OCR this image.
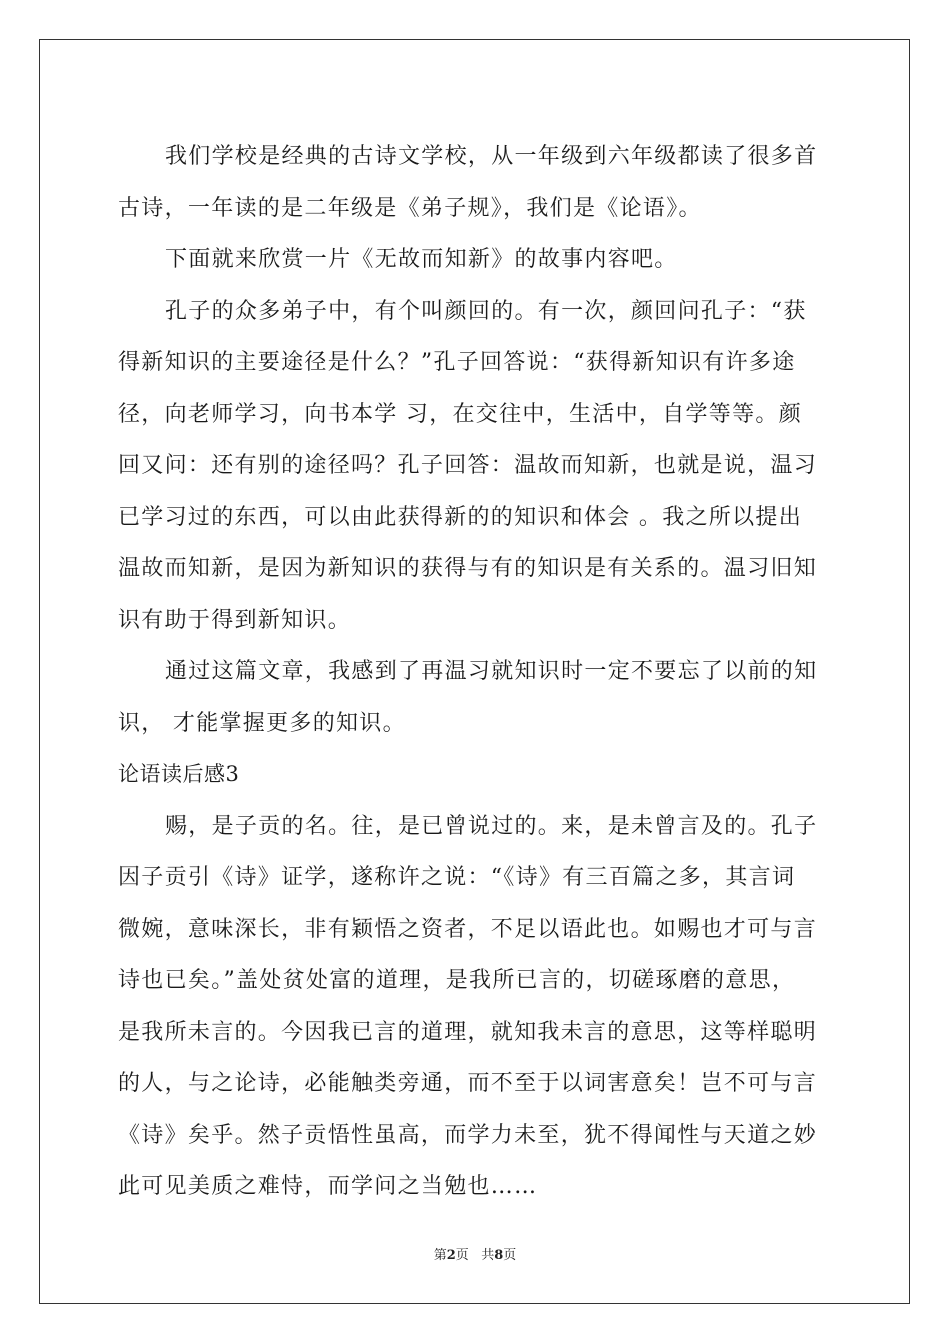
我们学校是经典的古诗文学校，从一年级到六年级都读了很多首
古诗，一年读的是二年级是《弟子规》，我们是《论语》。
下面就来欣赏一片《无故而知新》的故事内容吧。
孔子的众多弟子中，有个叫颜回的。有一次，颜回问孔子：“获
得新知识的主要途径是什么？”孔子回答说：“获得新知识有许多途
径，向老师学习，向书本学 习，在交往中，生活中，自学等等。颜
回又问：还有别的途径吗？孔子回答：温故而知新，也就是说，温习
已学习过的东西，可以由此获得新的的知识和体会 。我之所以提出
温故而知新，是因为新知识的获得与有的知识是有关系的。温习旧知
识有助于得到新知识。
通过这篇文章，我感到了再温习就知识时一定不要忘了以前的知
识， 才能掌握更多的知识。
论语读后感3
赐，是子贡的名。往，是已曾说过的。来，是未曾言及的。孔子
因子贡引《诗》证学，遂称许之说：“《诗》有三百篇之多，其言词
微婉，意味深长，非有颖悟之资者，不足以语此也。如赐也才可与言
诗也已矣。”盖处贫处富的道理，是我所已言的，切磋琢磨的意思，
是我所未言的。今因我已言的道理，就知我未言的意思，这等样聪明
的人，与之论诗，必能触类旁通，而不至于以词害意矣！岂不可与言
《诗》矣乎。然子贡悟性虽高，而学力未至，犹不得闻性与天道之妙
此可见美质之难恃，而学问之当勉也……
第2页   共8页
